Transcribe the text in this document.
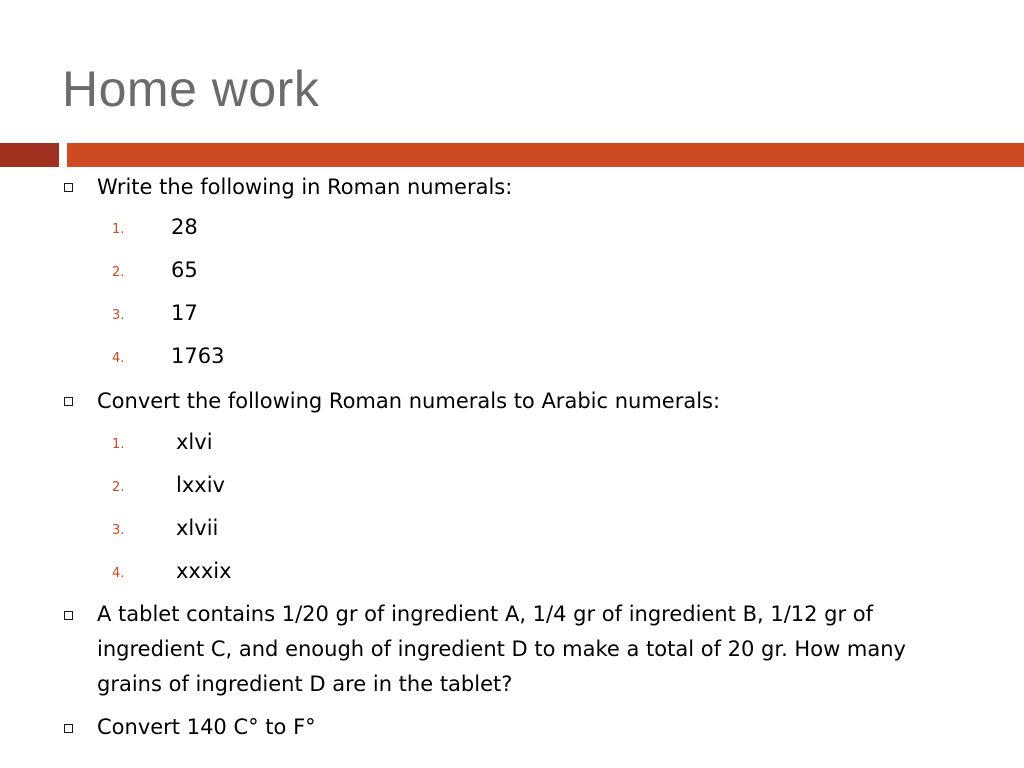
Home work
Write the following in Roman numerals:
1. 28
2. 65
3. 17
4. 1763
Convert the following Roman numerals to Arabic numerals:
1. xlvi
2. lxxiv
3. xlvii
4. xxxix
A tablet contains 1/20 gr of ingredient A, 1/4 gr of ingredient B, 1/12 gr of ingredient C, and enough of ingredient D to make a total of 20 gr. How many grains of ingredient D are in the tablet?
Convert 140 C° to F°
